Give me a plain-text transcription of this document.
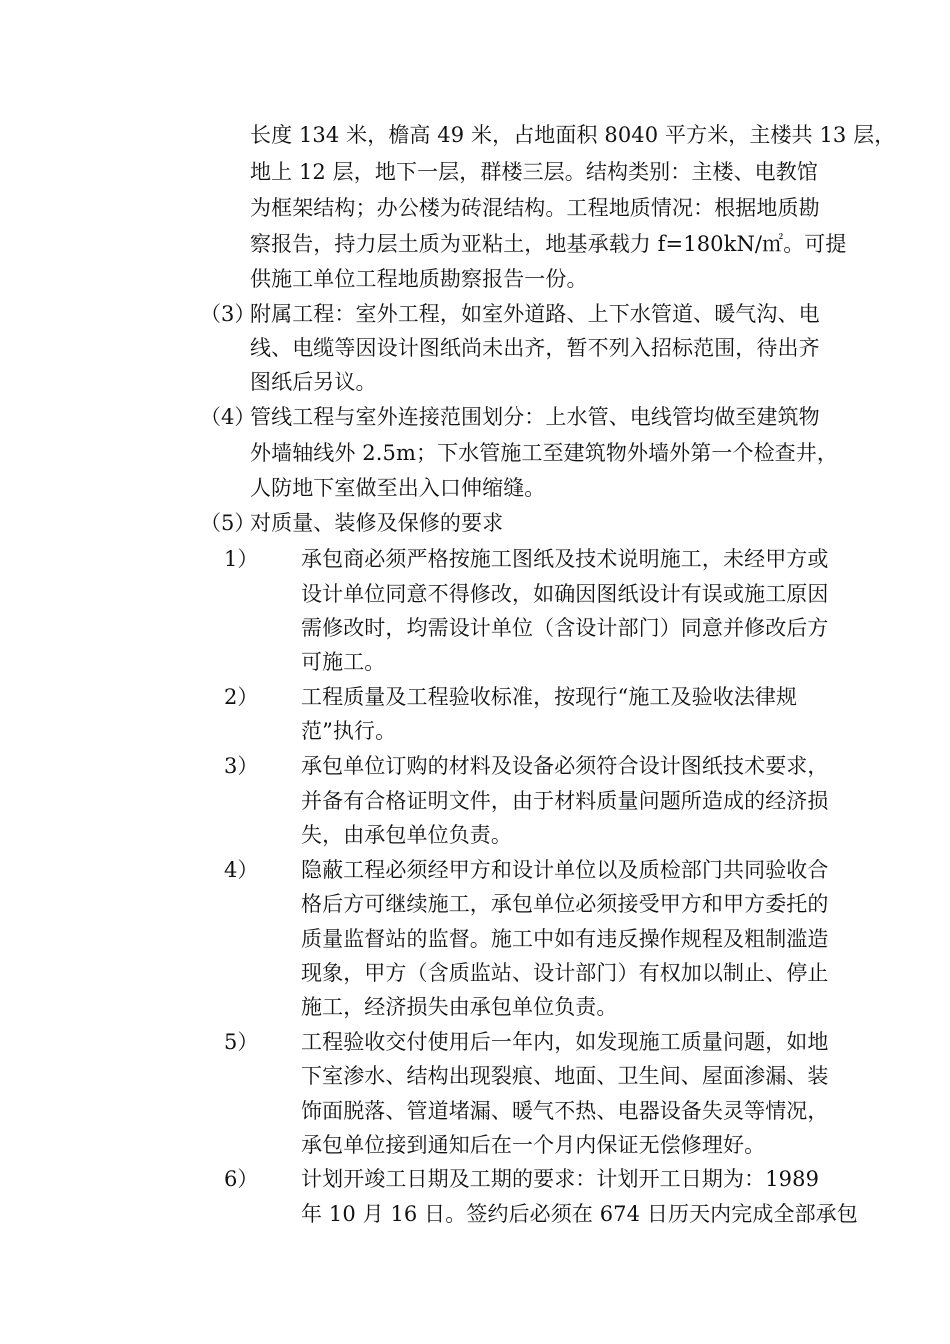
长度 134 米，檐高 49 米，占地面积 8040 平方米，主楼共 13 层，
地上 12 层，地下一层，群楼三层。结构类别：主楼、电教馆
为框架结构；办公楼为砖混结构。工程地质情况：根据地质勘
察报告，持力层土质为亚粘土，地基承载力 f=180kN/㎡。可提
供施工单位工程地质勘察报告一份。
（3）
附属工程：室外工程，如室外道路、上下水管道、暖气沟、电
线、电缆等因设计图纸尚未出齐，暂不列入招标范围，待出齐
图纸后另议。
（4）
管线工程与室外连接范围划分：上水管、电线管均做至建筑物
外墙轴线外 2.5m；下水管施工至建筑物外墙外第一个检查井，
人防地下室做至出入口伸缩缝。
（5）
对质量、装修及保修的要求
1） 承包商必须严格按施工图纸及技术说明施工，未经甲方或
设计单位同意不得修改，如确因图纸设计有误或施工原因
需修改时，均需设计单位（含设计部门）同意并修改后方
可施工。
2） 工程质量及工程验收标准，按现行“施工及验收法律规
范”执行。
3） 承包单位订购的材料及设备必须符合设计图纸技术要求，
并备有合格证明文件，由于材料质量问题所造成的经济损
失，由承包单位负责。
4） 隐蔽工程必须经甲方和设计单位以及质检部门共同验收合
格后方可继续施工，承包单位必须接受甲方和甲方委托的
质量监督站的监督。施工中如有违反操作规程及粗制滥造
现象，甲方（含质监站、设计部门）有权加以制止、停止
施工，经济损失由承包单位负责。
5） 工程验收交付使用后一年内，如发现施工质量问题，如地
下室渗水、结构出现裂痕、地面、卫生间、屋面渗漏、装
饰面脱落、管道堵漏、暖气不热、电器设备失灵等情况，
承包单位接到通知后在一个月内保证无偿修理好。
6） 计划开竣工日期及工期的要求：计划开工日期为：1989
年 10 月 16 日。签约后必须在 674 日历天内完成全部承包
